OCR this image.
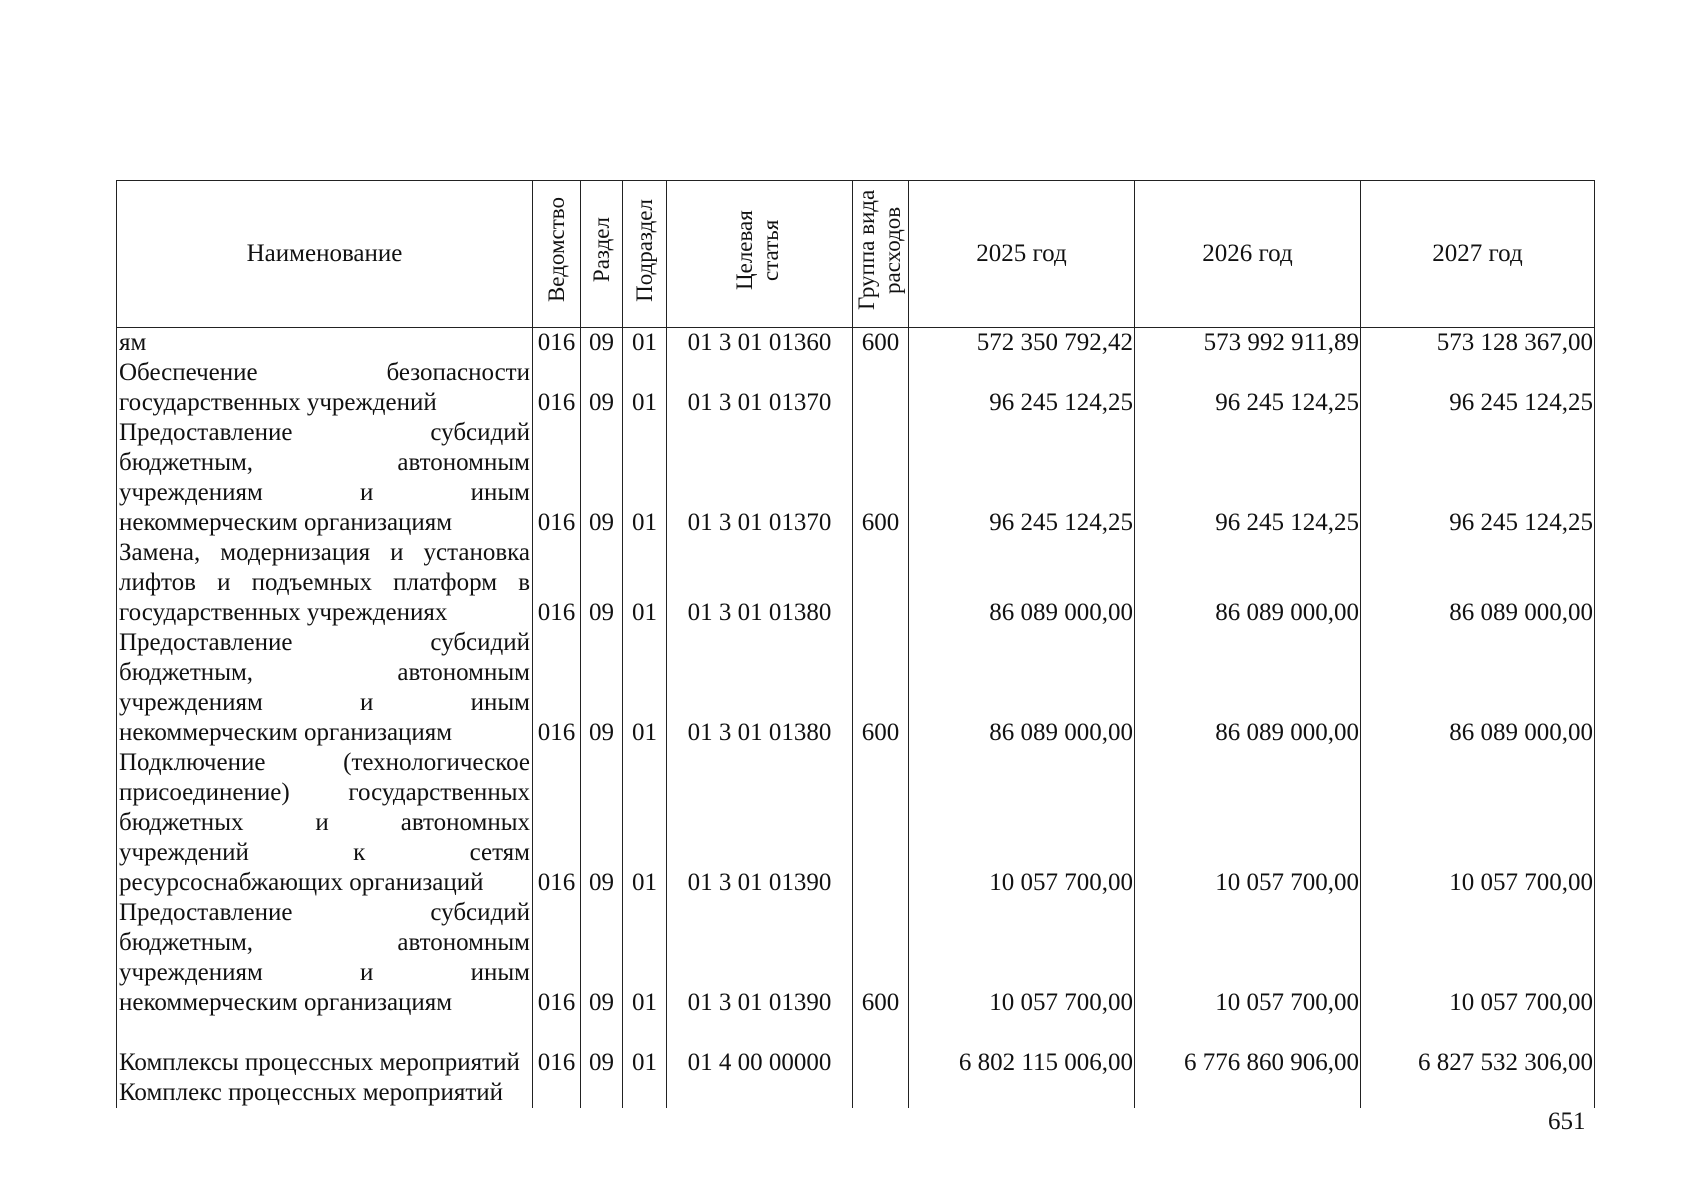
Наименование	Ведомство	Раздел	Подраздел	Целевая статья	Группа вида расходов	2025 год	2026 год	2027 год
ям	016	09	01	01 3 01 01360	600	572 350 792,42	573 992 911,89	573 128 367,00
Обеспечение безопасности государственных учреждений	016	09	01	01 3 01 01370		96 245 124,25	96 245 124,25	96 245 124,25
Предоставление субсидий бюджетным, автономным учреждениям и иным некоммерческим организациям	016	09	01	01 3 01 01370	600	96 245 124,25	96 245 124,25	96 245 124,25
Замена, модернизация и установка лифтов и подъемных платформ в государственных учреждениях	016	09	01	01 3 01 01380		86 089 000,00	86 089 000,00	86 089 000,00
Предоставление субсидий бюджетным, автономным учреждениям и иным некоммерческим организациям	016	09	01	01 3 01 01380	600	86 089 000,00	86 089 000,00	86 089 000,00
Подключение (технологическое присоединение) государственных бюджетных и автономных учреждений к сетям ресурсоснабжающих организаций	016	09	01	01 3 01 01390		10 057 700,00	10 057 700,00	10 057 700,00
Предоставление субсидий бюджетным, автономным учреждениям и иным некоммерческим организациям	016	09	01	01 3 01 01390	600	10 057 700,00	10 057 700,00	10 057 700,00
Комплексы процессных мероприятий	016	09	01	01 4 00 00000		6 802 115 006,00	6 776 860 906,00	6 827 532 306,00
Комплекс процессных мероприятий								
651
